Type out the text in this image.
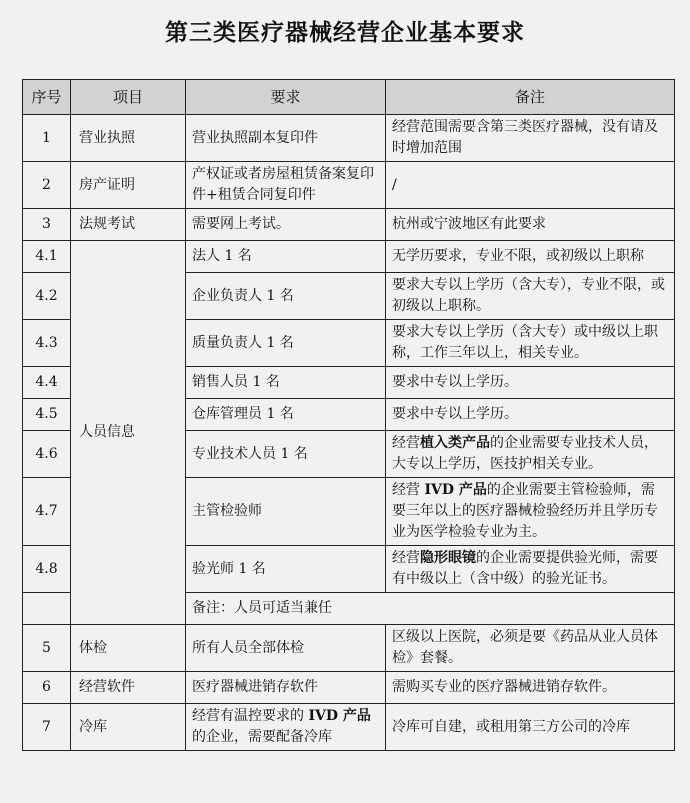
第三类医疗器械经营企业基本要求
序号	项目	要求	备注
1	营业执照	营业执照副本复印件	经营范围需要含第三类医疗器械，没有请及时增加范围
2	房产证明	产权证或者房屋租赁备案复印件+租赁合同复印件	/
3	法规考试	需要网上考试。	杭州或宁波地区有此要求
4.1	人员信息	法人 1 名	无学历要求，专业不限，或初级以上职称
4.2		企业负责人 1 名	要求大专以上学历（含大专），专业不限，或初级以上职称。
4.3		质量负责人 1 名	要求大专以上学历（含大专）或中级以上职称，工作三年以上，相关专业。
4.4		销售人员 1 名	要求中专以上学历。
4.5		仓库管理员 1 名	要求中专以上学历。
4.6		专业技术人员 1 名	经营植入类产品的企业需要专业技术人员，大专以上学历，医技护相关专业。
4.7		主管检验师	经营 IVD 产品的企业需要主管检验师，需要三年以上的医疗器械检验经历并且学历专业为医学检验专业为主。
4.8		验光师 1 名	经营隐形眼镜的企业需要提供验光师，需要有中级以上（含中级）的验光证书。
		备注：人员可适当兼任	
5	体检	所有人员全部体检	区级以上医院，必须是要《药品从业人员体检》套餐。
6	经营软件	医疗器械进销存软件	需购买专业的医疗器械进销存软件。
7	冷库	经营有温控要求的 IVD 产品的企业，需要配备冷库	冷库可自建，或租用第三方公司的冷库
